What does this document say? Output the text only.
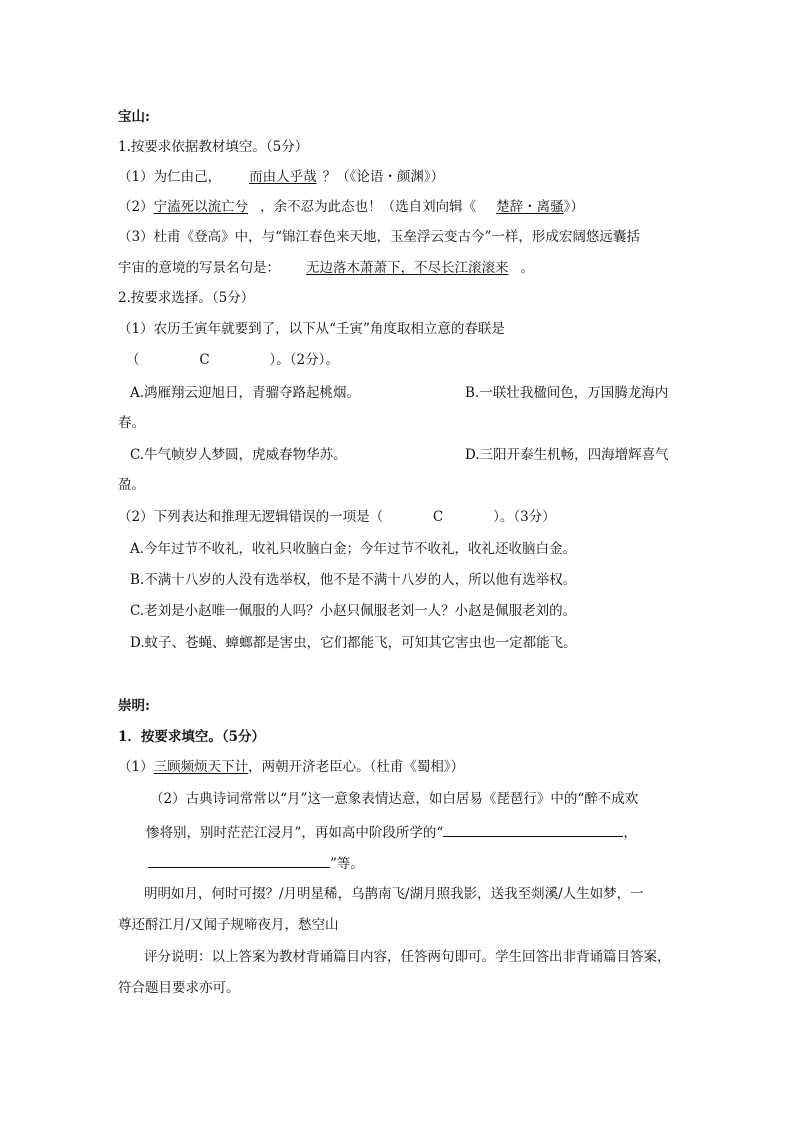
宝山:
1.按要求依据教材填空。（5分）
（1）为仁由己， 而由人乎哉 ？（《论语・颜渊》）
（2）宁溘死以流亡兮 ，余不忍为此态也！（选自刘向辑《 楚辞・离骚》）
（3）杜甫《登高》中，与“锦江春色来天地，玉垒浮云变古今”一样，形成宏阔悠远囊括
宇宙的意境的写景名句是： 无边落木萧萧下，不尽长江滚滚来 。
2.按要求选择。（5分）
（1）农历壬寅年就要到了，以下从“壬寅”角度取相立意的春联是
（	C	）。（2分）。
A.鸿雁翔云迎旭日，青骝夺路起桃烟。	B.一联壮我楹间色，万国腾龙海内
春。
C.牛气帧岁人梦圆，虎威春物华苏。	D.三阳开泰生机畅，四海增辉喜气
盈。
（2）下列表达和推理无逻辑错误的一项是（	C	）。（3分）
A.今年过节不收礼，收礼只收脑白金；今年过节不收礼，收礼还收脑白金。
B.不满十八岁的人没有选举权，他不是不满十八岁的人，所以他有选举权。
C.老刘是小赵唯一佩服的人吗？小赵只佩服老刘一人？小赵是佩服老刘的。
D.蚊子、苍蝇、蟑螂都是害虫，它们都能飞，可知其它害虫也一定都能飞。
崇明:
1．按要求填空。（5分）
（1）三顾频烦天下计，两朝开济老臣心。（杜甫《蜀相》）
（2）古典诗词常常以“月”这一意象表情达意，如白居易《琵琶行》中的“醉不成欢
惨将别，别时茫茫江浸月”，再如高中阶段所学的“	，
”等。
明明如月，何时可掇？/月明星稀，乌鹊南飞/湖月照我影，送我至剡溪/人生如梦，一
尊还酹江月/又闻子规啼夜月，愁空山
评分说明：以上答案为教材背诵篇目内容，任答两句即可。学生回答出非背诵篇目答案，
符合题目要求亦可。
